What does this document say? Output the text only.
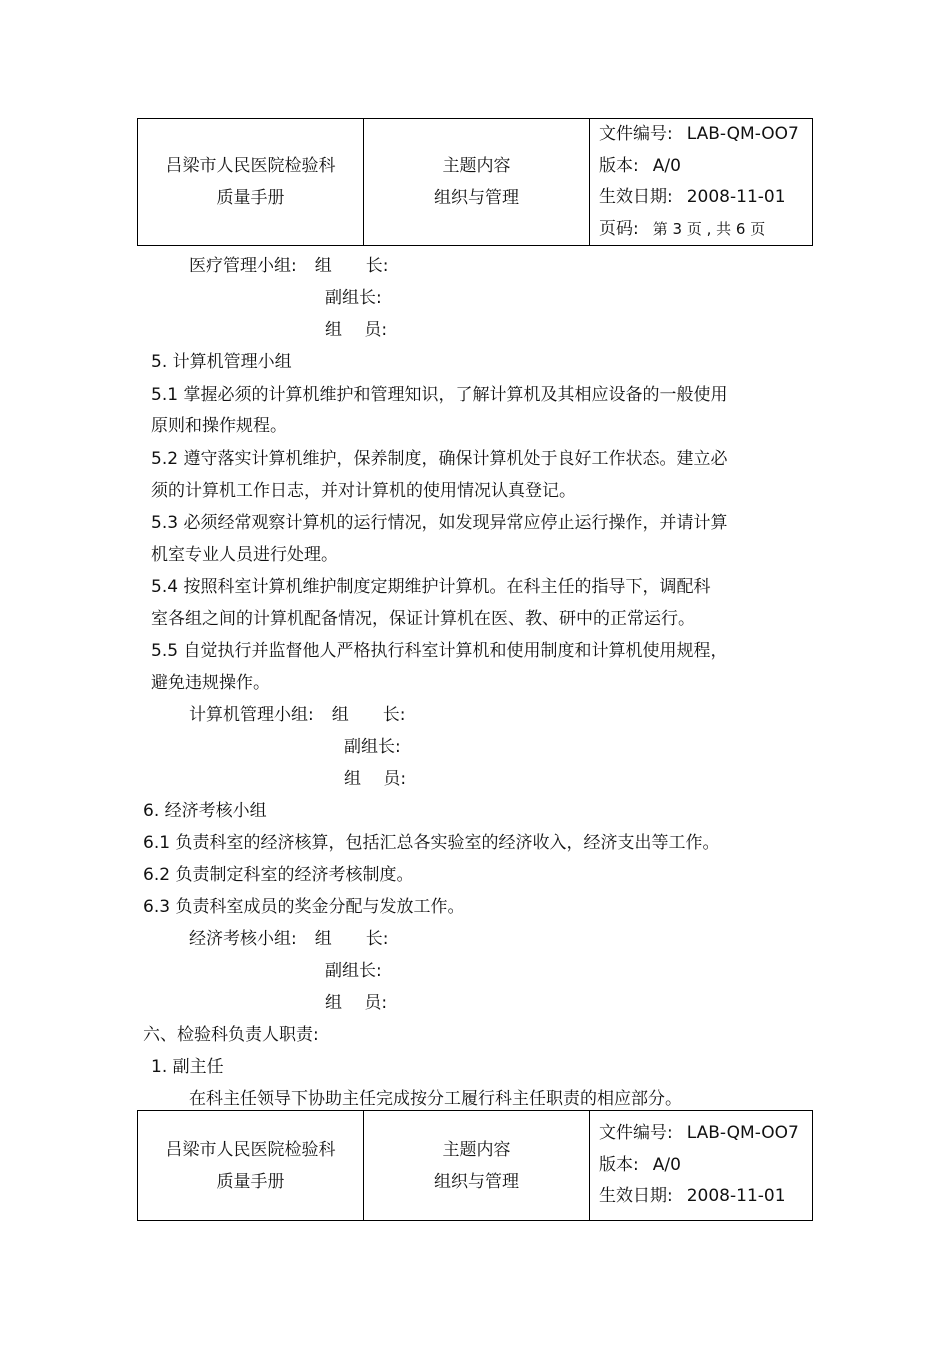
吕梁市人民医院检验科
质量手册

主题内容
组织与管理

文件编号: LAB-QM-OO7
版本: A/0
生效日期: 2008-11-01
页码: 第 3 页 , 共 6 页
医疗管理小组: 组　　长:
副组长:
组　 员:
5. 计算机管理小组
5.1 掌握必须的计算机维护和管理知识，了解计算机及其相应设备的一般使用
原则和操作规程。
5.2 遵守落实计算机维护，保养制度，确保计算机处于良好工作状态。建立必
须的计算机工作日志，并对计算机的使用情况认真登记。
5.3 必须经常观察计算机的运行情况，如发现异常应停止运行操作，并请计算
机室专业人员进行处理。
5.4 按照科室计算机维护制度定期维护计算机。在科主任的指导下，调配科
室各组之间的计算机配备情况，保证计算机在医、教、研中的正常运行。
5.5 自觉执行并监督他人严格执行科室计算机和使用制度和计算机使用规程，
避免违规操作。
计算机管理小组: 组　　长:
副组长:
组　 员:
6. 经济考核小组
6.1 负责科室的经济核算，包括汇总各实验室的经济收入，经济支出等工作。
6.2 负责制定科室的经济考核制度。
6.3 负责科室成员的奖金分配与发放工作。
经济考核小组: 组　　长:
副组长:
组　 员:
六、检验科负责人职责:
1. 副主任
在科主任领导下协助主任完成按分工履行科主任职责的相应部分。
吕梁市人民医院检验科
质量手册

主题内容
组织与管理

文件编号: LAB-QM-OO7
版本: A/0
生效日期: 2008-11-01
